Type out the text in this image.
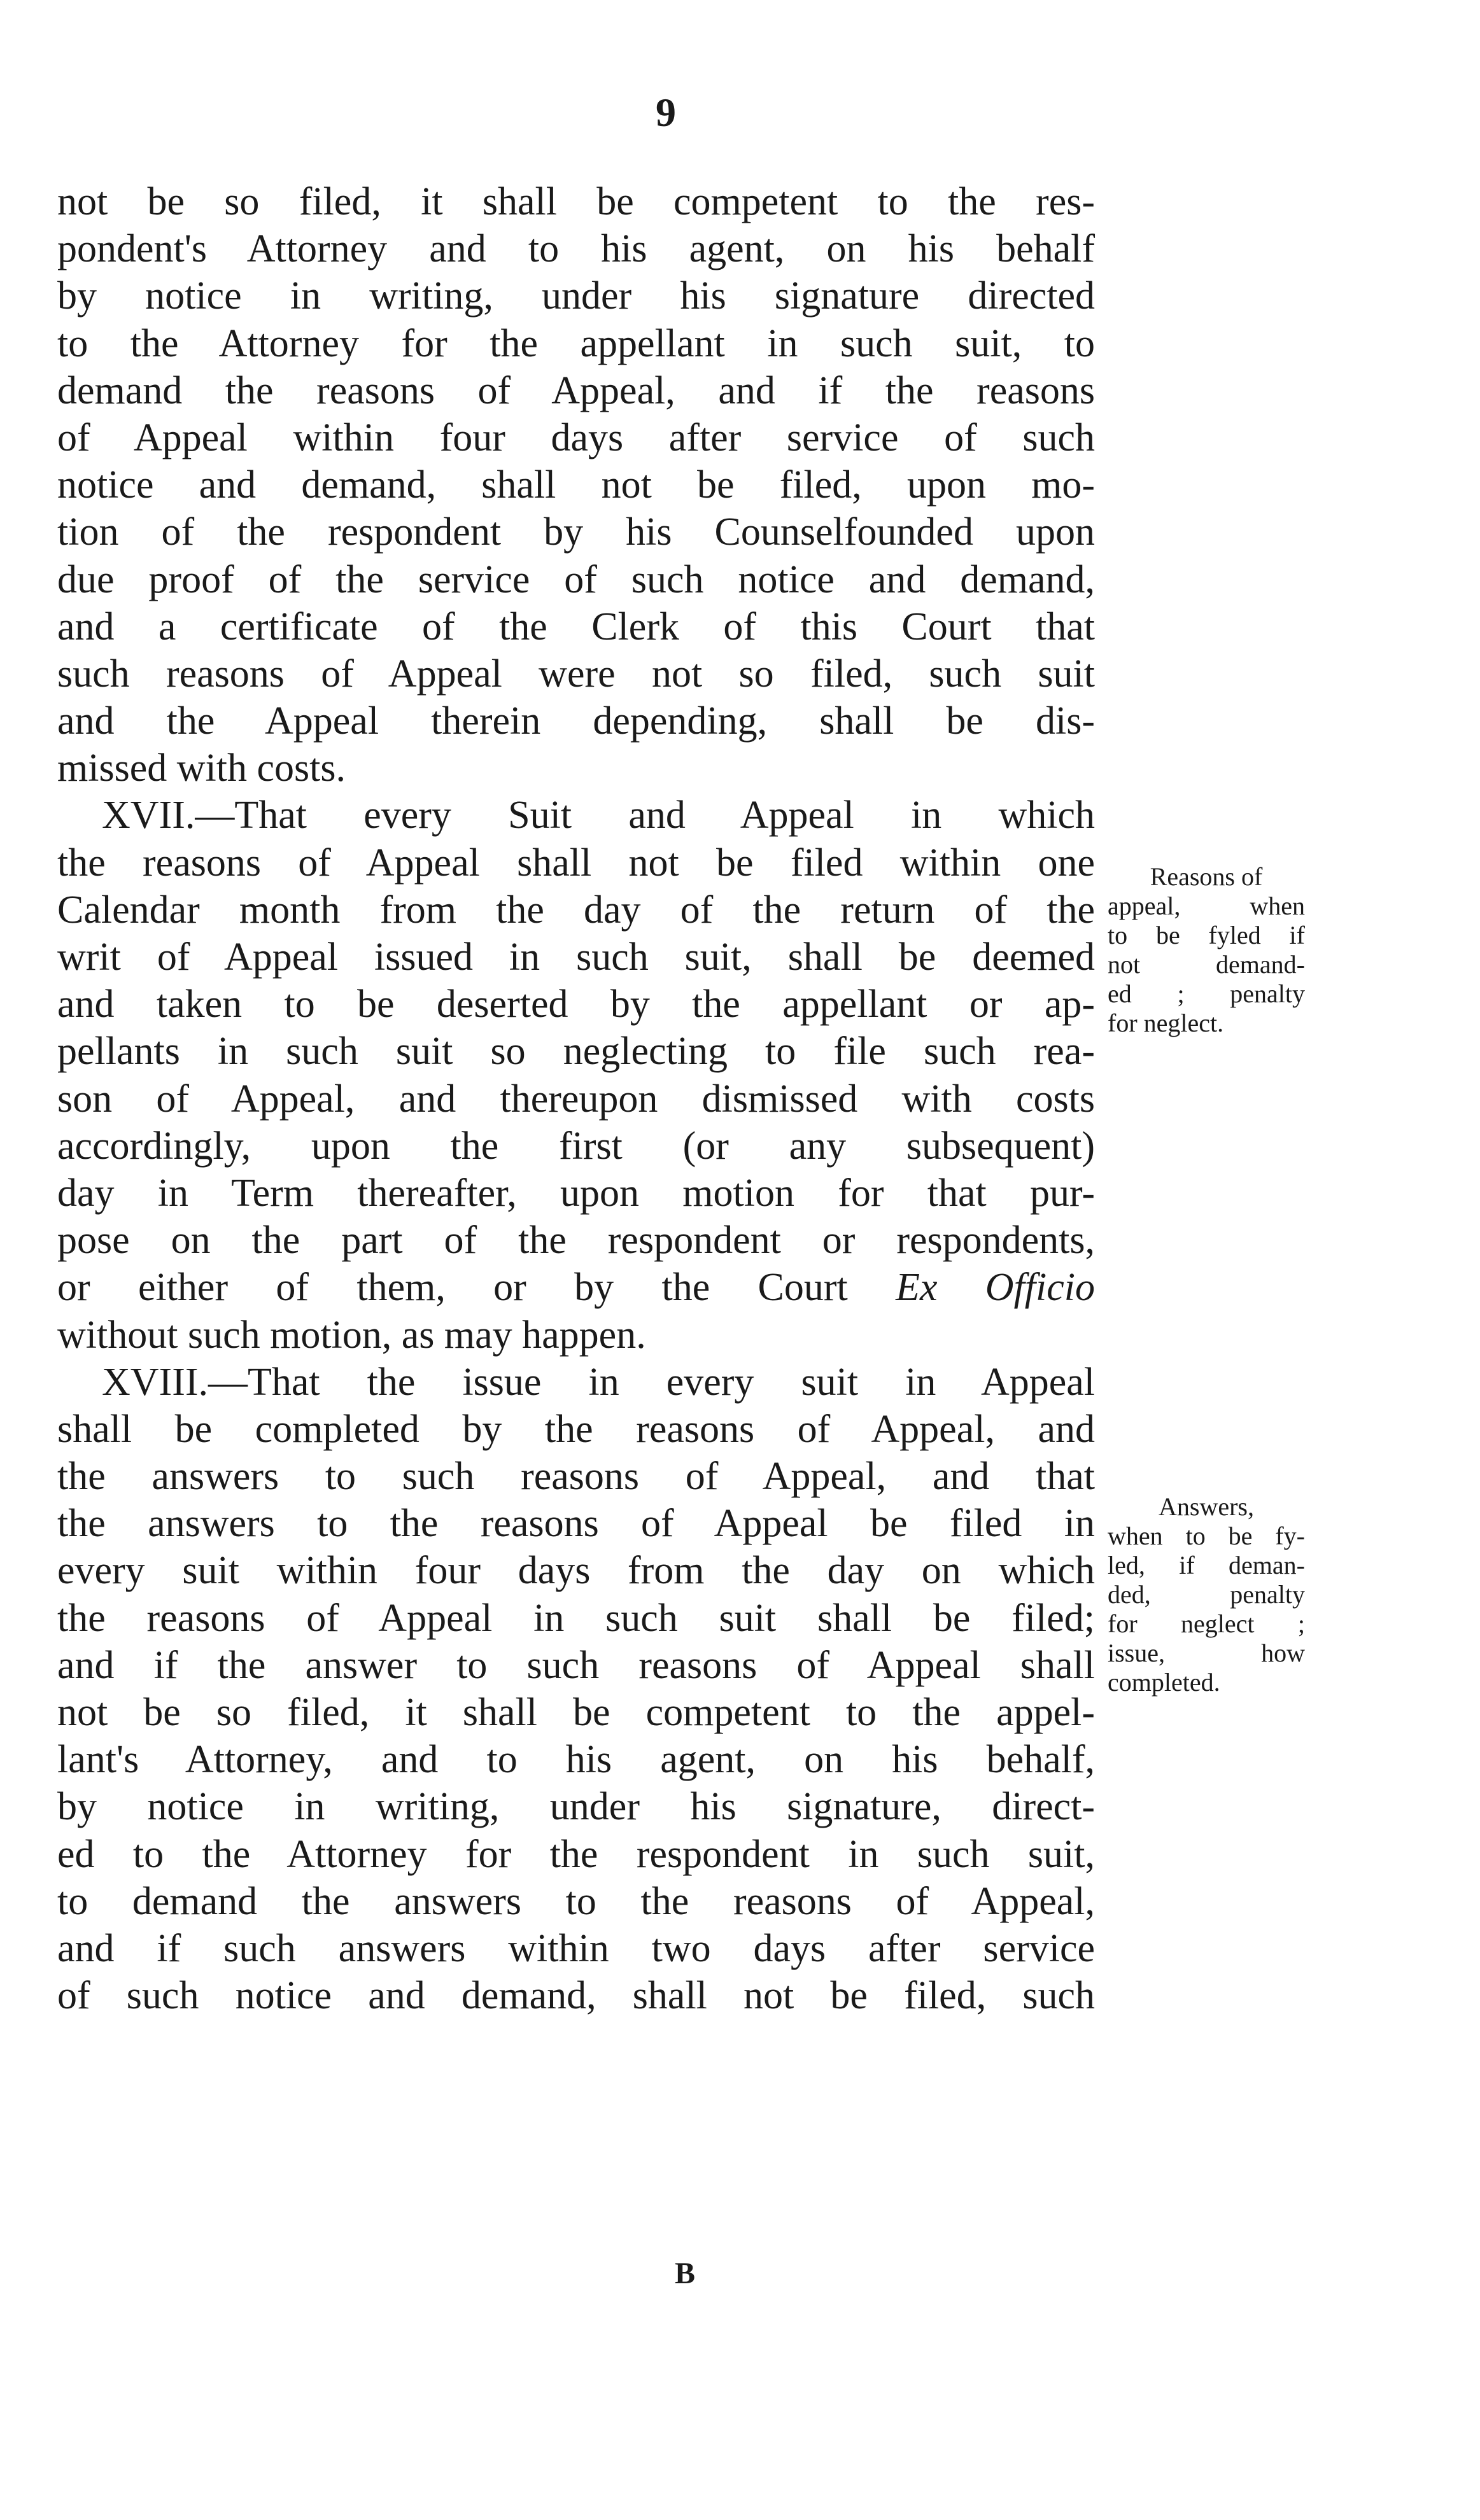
9
not be so filed, it shall be competent to the res-
pondent's Attorney and to his agent, on his behalf
by notice in writing, under his signature directed
to the Attorney for the appellant in such suit, to
demand the reasons of Appeal, and if the reasons
of Appeal within four days after service of such
notice and demand, shall not be filed, upon mo-
tion of the respondent by his Counselfounded upon
due proof of the service of such notice and demand,
and a certificate of the Clerk of this Court that
such reasons of Appeal were not so filed, such suit
and the Appeal therein depending, shall be dis-
missed with costs.
XVII.—That every Suit and Appeal in which
the reasons of Appeal shall not be filed within one
Calendar month from the day of the return of the
writ of Appeal issued in such suit, shall be deemed
and taken to be deserted by the appellant or ap-
pellants in such suit so neglecting to file such rea-
son of Appeal, and thereupon dismissed with costs
accordingly, upon the first (or any subsequent)
day in Term thereafter, upon motion for that pur-
pose on the part of the respondent or respondents,
or either of them, or by the Court Ex Officio
without such motion, as may happen.
XVIII.—That the issue in every suit in Appeal
shall be completed by the reasons of Appeal, and
the answers to such reasons of Appeal, and that
the answers to the reasons of Appeal be filed in
every suit within four days from the day on which
the reasons of Appeal in such suit shall be filed;
and if the answer to such reasons of Appeal shall
not be so filed, it shall be competent to the appel-
lant's Attorney, and to his agent, on his behalf,
by notice in writing, under his signature, direct-
ed to the Attorney for the respondent in such suit,
to demand the answers to the reasons of Appeal,
and if such answers within two days after service
of such notice and demand, shall not be filed, such
Reasons of
appeal, when
to be fyled if
not demand-
ed ; penalty
for neglect.
Answers,
when to be fy-
led, if deman-
ded, penalty
for neglect ;
issue, how
completed.
B
